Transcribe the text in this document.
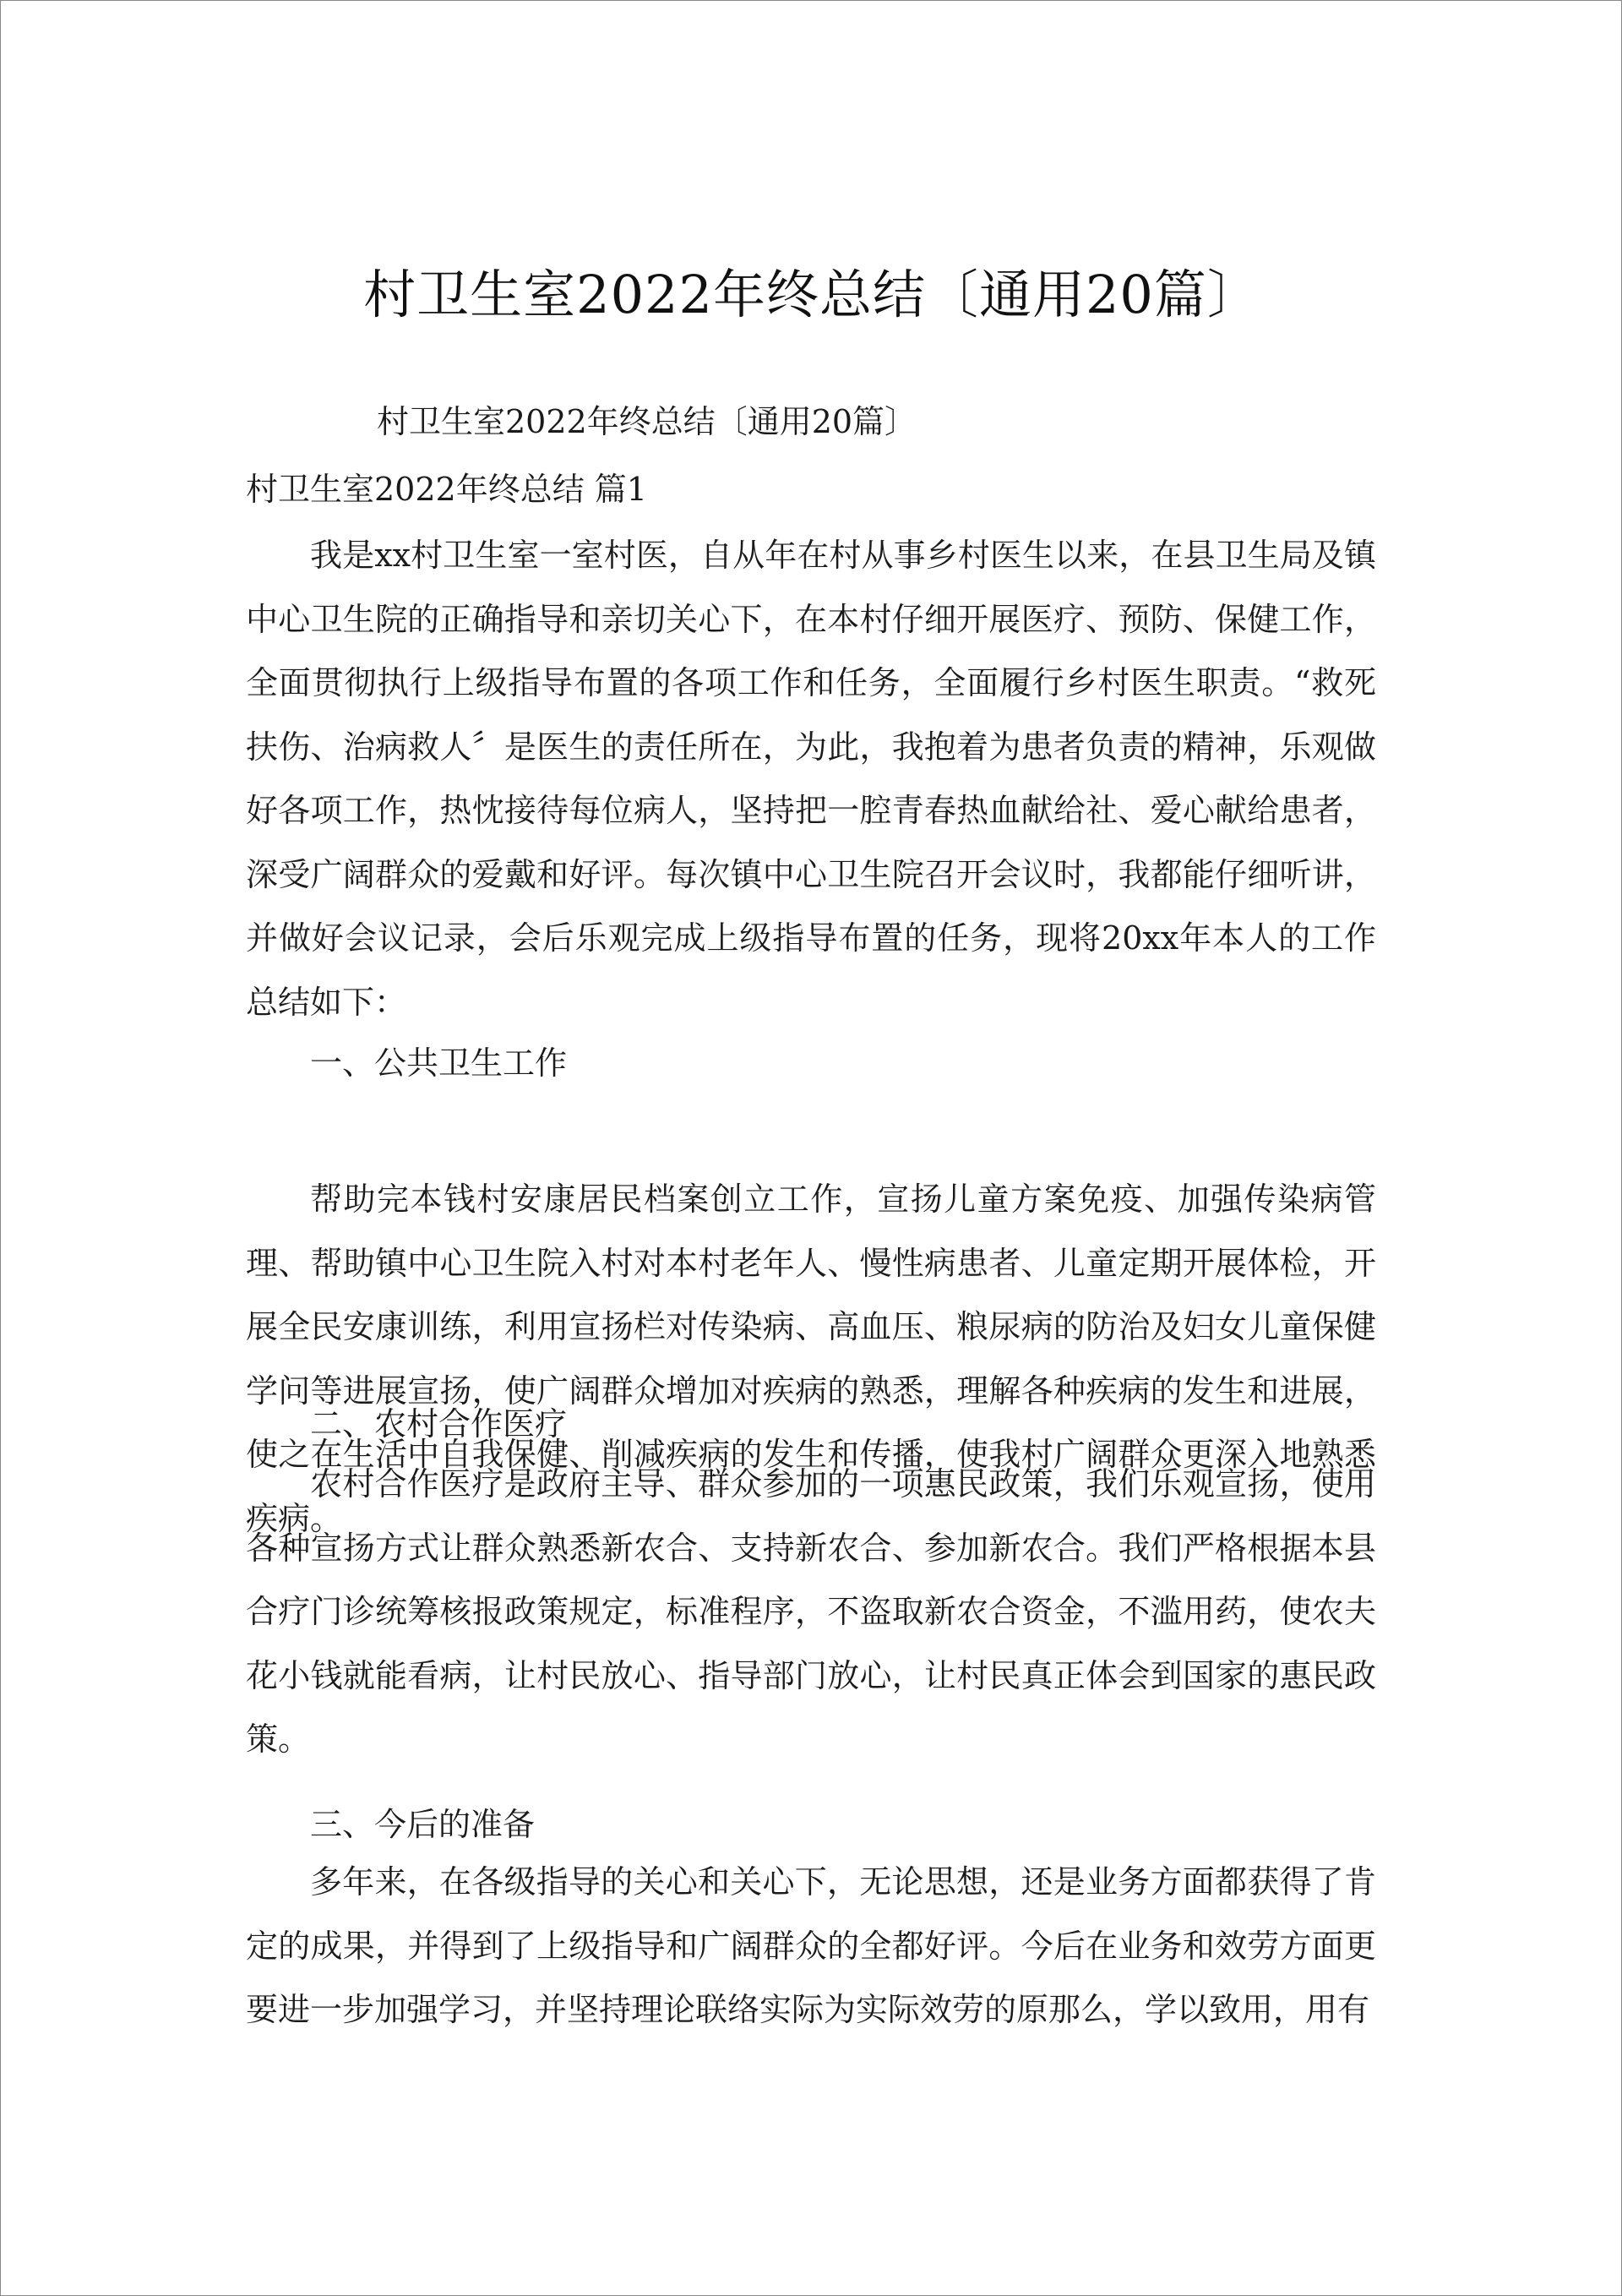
村卫生室2022年终总结〔通用20篇〕

村卫生室2022年终总结〔通用20篇〕

村卫生室2022年终总结 篇1

我是xx村卫生室一室村医，自从年在村从事乡村医生以来，在县卫生局及镇中心卫生院的正确指导和亲切关心下，在本村仔细开展医疗、预防、保健工作，全面贯彻执行上级指导布置的各项工作和任务，全面履行乡村医生职责。“救死扶伤、治病救人〞是医生的责任所在，为此，我抱着为患者负责的精神，乐观做好各项工作，热忱接待每位病人，坚持把一腔青春热血献给社、爱心献给患者，深受广阔群众的爱戴和好评。每次镇中心卫生院召开会议时，我都能仔细听讲，并做好会议记录，会后乐观完成上级指导布置的任务，现将20xx年本人的工作总结如下：

一、公共卫生工作

帮助完本钱村安康居民档案创立工作，宣扬儿童方案免疫、加强传染病管理、帮助镇中心卫生院入村对本村老年人、慢性病患者、儿童定期开展体检，开展全民安康训练，利用宣扬栏对传染病、高血压、粮尿病的防治及妇女儿童保健学问等进展宣扬，使广阔群众增加对疾病的熟悉，理解各种疾病的发生和进展，使之在生活中自我保健、削减疾病的发生和传播，使我村广阔群众更深入地熟悉疾病。

二、农村合作医疗

农村合作医疗是政府主导、群众参加的一项惠民政策，我们乐观宣扬，使用各种宣扬方式让群众熟悉新农合、支持新农合、参加新农合。我们严格根据本县合疗门诊统筹核报政策规定，标准程序，不盗取新农合资金，不滥用药，使农夫花小钱就能看病，让村民放心、指导部门放心，让村民真正体会到国家的惠民政策。

三、今后的准备

多年来，在各级指导的关心和关心下，无论思想，还是业务方面都获得了肯定的成果，并得到了上级指导和广阔群众的全都好评。今后在业务和效劳方面更要进一步加强学习，并坚持理论联络实际为实际效劳的原那么，学以致用，用有
